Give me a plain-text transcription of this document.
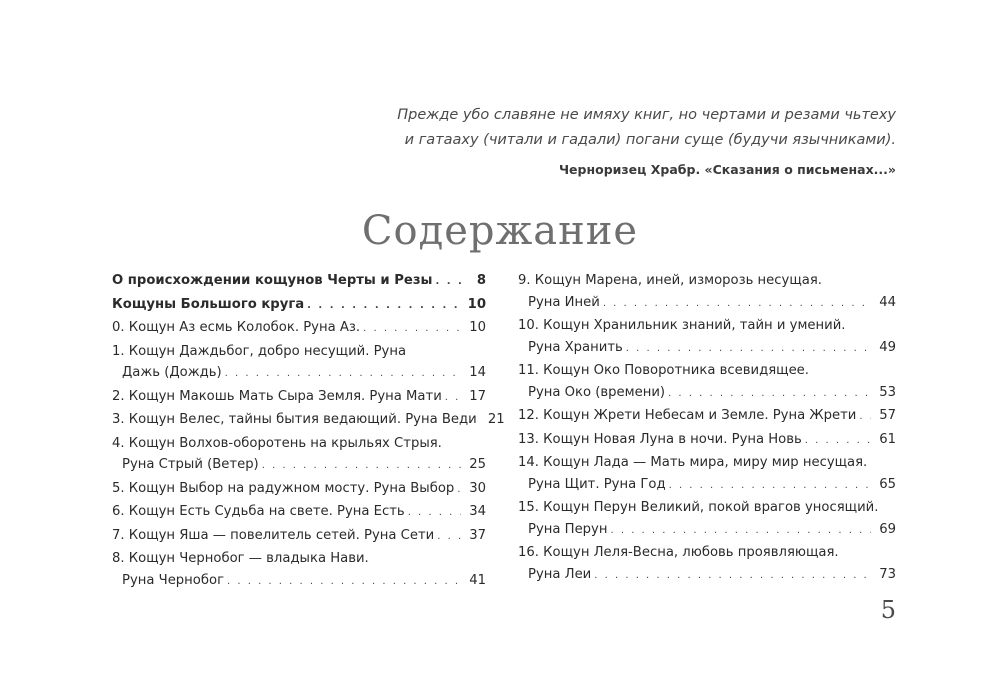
Прежде убо славяне не имяху книг, но чертами и резами чьтеху
и гатааху (читали и гадали) погани суще (будучи язычниками).
Черноризец Храбр. «Сказания о письменах...»
Содержание
О происхождении кощунов Черты и Резы . . .	8
Кощуны Большого круга . . .	10
0. Кощун Аз есмь Колобок. Руна Аз. . . .	10
1. Кощун Даждьбог, добро несущий. Руна
Дажь (Дождь) . . .	14
2. Кощун Макошь Мать Сыра Земля. Руна Мати . . .	17
3. Кощун Велес, тайны бытия ведающий. Руна Веди 21
4. Кощун Волхов-оборотень на крыльях Стрыя.
Руна Стрый (Ветер) . . .	25
5. Кощун Выбор на радужном мосту. Руна Выбор . . .	30
6. Кощун Есть Судьба на свете. Руна Есть . . .	34
7. Кощун Яша — повелитель сетей. Руна Сети . . .	37
8. Кощун Чернобог — владыка Нави.
Руна Чернобог . . .	41
9. Кощун Марена, иней, изморозь несущая.
Руна Иней . . .	44
10. Кощун Хранильник знаний, тайн и умений.
Руна Хранить . . .	49
11. Кощун Око Поворотника всевидящее.
Руна Око (времени) . . .	53
12. Кощун Жрети Небесам и Земле. Руна Жрети . . .	57
13. Кощун Новая Луна в ночи. Руна Новь . . .	61
14. Кощун Лада — Мать мира, миру мир несущая.
Руна Щит. Руна Год . . .	65
15. Кощун Перун Великий, покой врагов уносящий.
Руна Перун . . .	69
16. Кощун Леля-Весна, любовь проявляющая.
Руна Леи . . .	73
5
